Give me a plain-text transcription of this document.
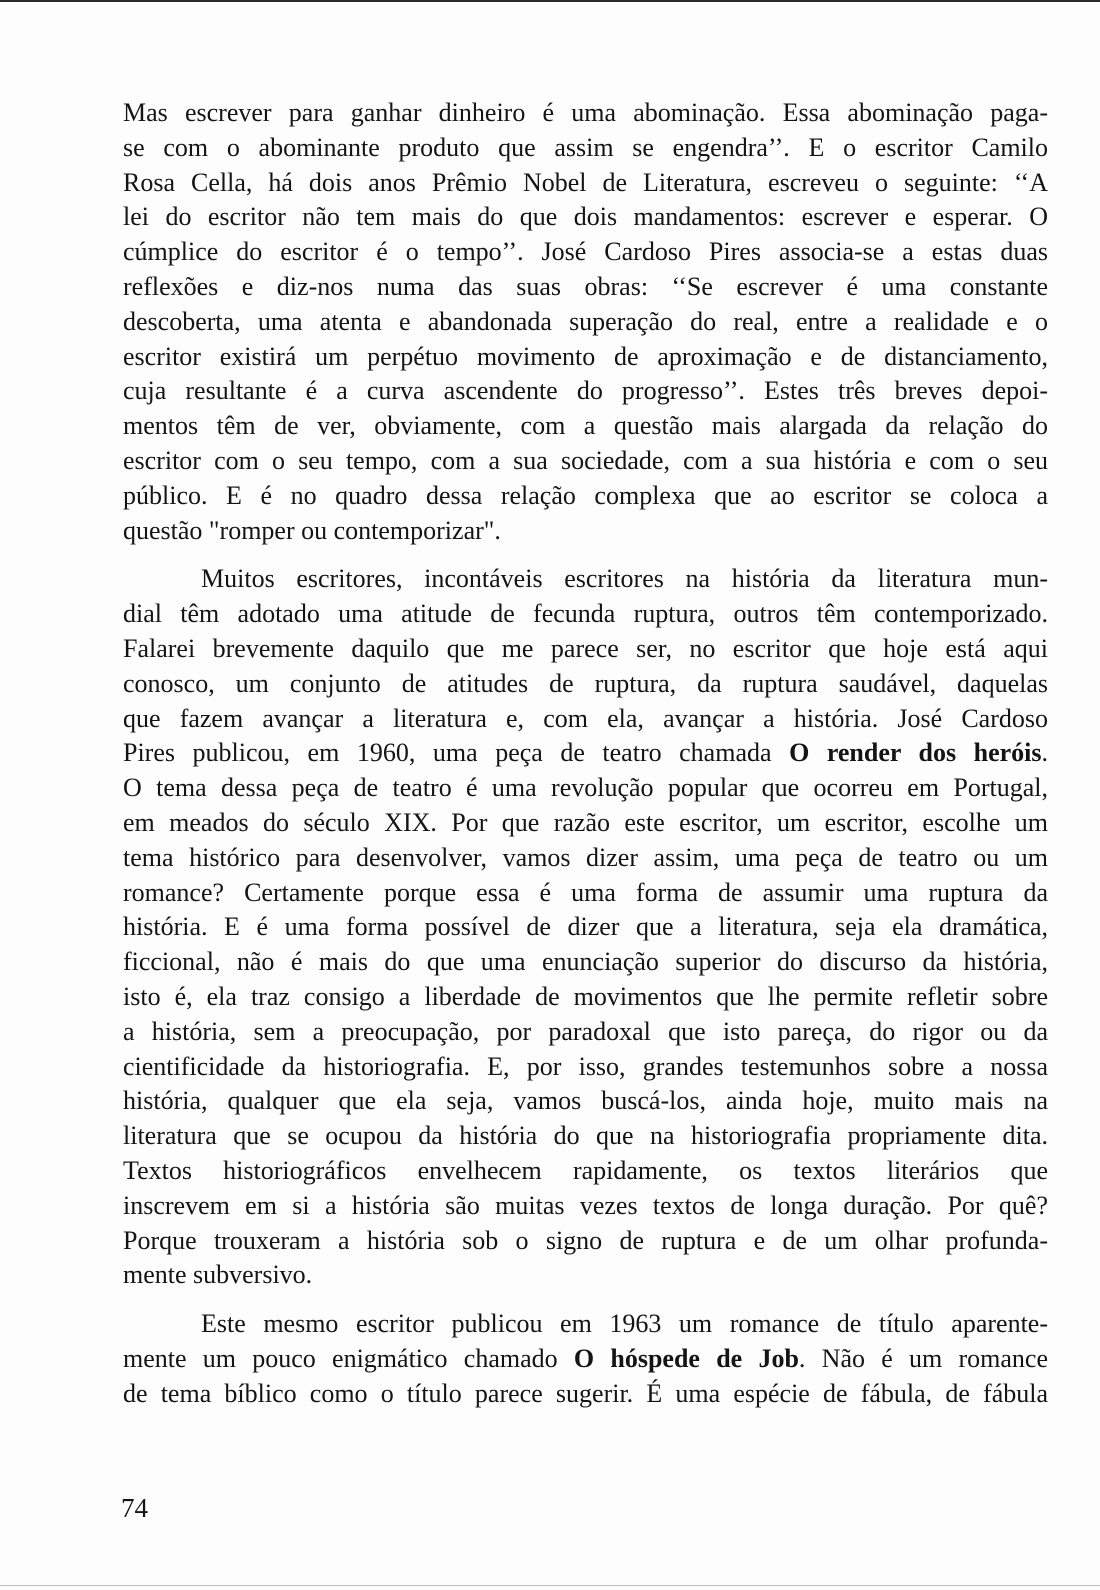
Mas escrever para ganhar dinheiro é uma abominação. Essa abominação paga-
se com o abominante produto que assim se engendra’’. E o escritor Camilo
Rosa Cella, há dois anos Prêmio Nobel de Literatura, escreveu o seguinte: ‘‘A
lei do escritor não tem mais do que dois mandamentos: escrever e esperar. O
cúmplice do escritor é o tempo’’. José Cardoso Pires associa-se a estas duas
reflexões e diz-nos numa das suas obras: ‘‘Se escrever é uma constante
descoberta, uma atenta e abandonada superação do real, entre a realidade e o
escritor existirá um perpétuo movimento de aproximação e de distanciamento,
cuja resultante é a curva ascendente do progresso’’. Estes três breves depoi-
mentos têm de ver, obviamente, com a questão mais alargada da relação do
escritor com o seu tempo, com a sua sociedade, com a sua história e com o seu
público. E é no quadro dessa relação complexa que ao escritor se coloca a
questão "romper ou contemporizar".

Muitos escritores, incontáveis escritores na história da literatura mun-
dial têm adotado uma atitude de fecunda ruptura, outros têm contemporizado.
Falarei brevemente daquilo que me parece ser, no escritor que hoje está aqui
conosco, um conjunto de atitudes de ruptura, da ruptura saudável, daquelas
que fazem avançar a literatura e, com ela, avançar a história. José Cardoso
Pires publicou, em 1960, uma peça de teatro chamada O render dos heróis.
O tema dessa peça de teatro é uma revolução popular que ocorreu em Portugal,
em meados do século XIX. Por que razão este escritor, um escritor, escolhe um
tema histórico para desenvolver, vamos dizer assim, uma peça de teatro ou um
romance? Certamente porque essa é uma forma de assumir uma ruptura da
história. E é uma forma possível de dizer que a literatura, seja ela dramática,
ficcional, não é mais do que uma enunciação superior do discurso da história,
isto é, ela traz consigo a liberdade de movimentos que lhe permite refletir sobre
a história, sem a preocupação, por paradoxal que isto pareça, do rigor ou da
cientificidade da historiografia. E, por isso, grandes testemunhos sobre a nossa
história, qualquer que ela seja, vamos buscá-los, ainda hoje, muito mais na
literatura que se ocupou da história do que na historiografia propriamente dita.
Textos historiográficos envelhecem rapidamente, os textos literários que
inscrevem em si a história são muitas vezes textos de longa duração. Por quê?
Porque trouxeram a história sob o signo de ruptura e de um olhar profunda-
mente subversivo.

Este mesmo escritor publicou em 1963 um romance de título aparente-
mente um pouco enigmático chamado O hóspede de Job. Não é um romance
de tema bíblico como o título parece sugerir. É uma espécie de fábula, de fábula

74
